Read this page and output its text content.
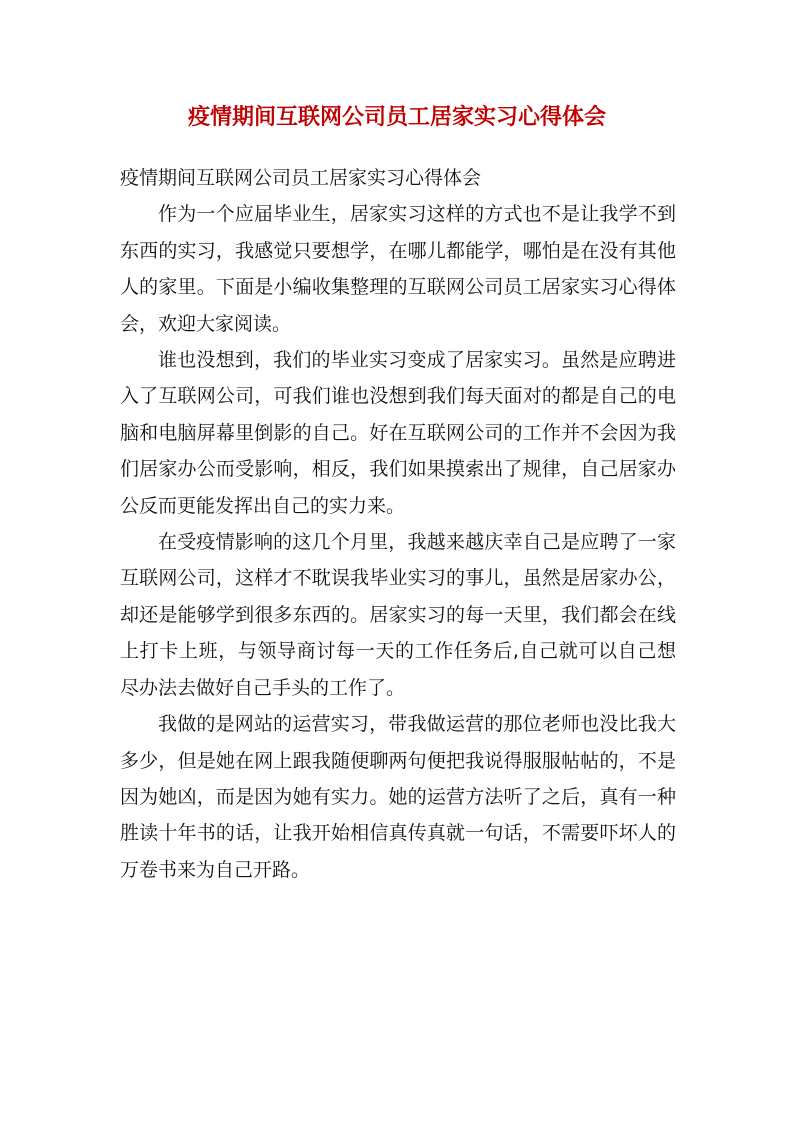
疫情期间互联网公司员工居家实习心得体会

疫情期间互联网公司员工居家实习心得体会

作为一个应届毕业生，居家实习这样的方式也不是让我学不到东西的实习，我感觉只要想学，在哪儿都能学，哪怕是在没有其他人的家里。下面是小编收集整理的互联网公司员工居家实习心得体会，欢迎大家阅读。

谁也没想到，我们的毕业实习变成了居家实习。虽然是应聘进入了互联网公司，可我们谁也没想到我们每天面对的都是自己的电脑和电脑屏幕里倒影的自己。好在互联网公司的工作并不会因为我们居家办公而受影响，相反，我们如果摸索出了规律，自己居家办公反而更能发挥出自己的实力来。

在受疫情影响的这几个月里，我越来越庆幸自己是应聘了一家互联网公司，这样才不耽误我毕业实习的事儿，虽然是居家办公，却还是能够学到很多东西的。居家实习的每一天里，我们都会在线上打卡上班，与领导商讨每一天的工作任务后,自己就可以自己想尽办法去做好自己手头的工作了。

我做的是网站的运营实习，带我做运营的那位老师也没比我大多少，但是她在网上跟我随便聊两句便把我说得服服帖帖的，不是因为她凶，而是因为她有实力。她的运营方法听了之后，真有一种胜读十年书的话，让我开始相信真传真就一句话，不需要吓坏人的万卷书来为自己开路。
